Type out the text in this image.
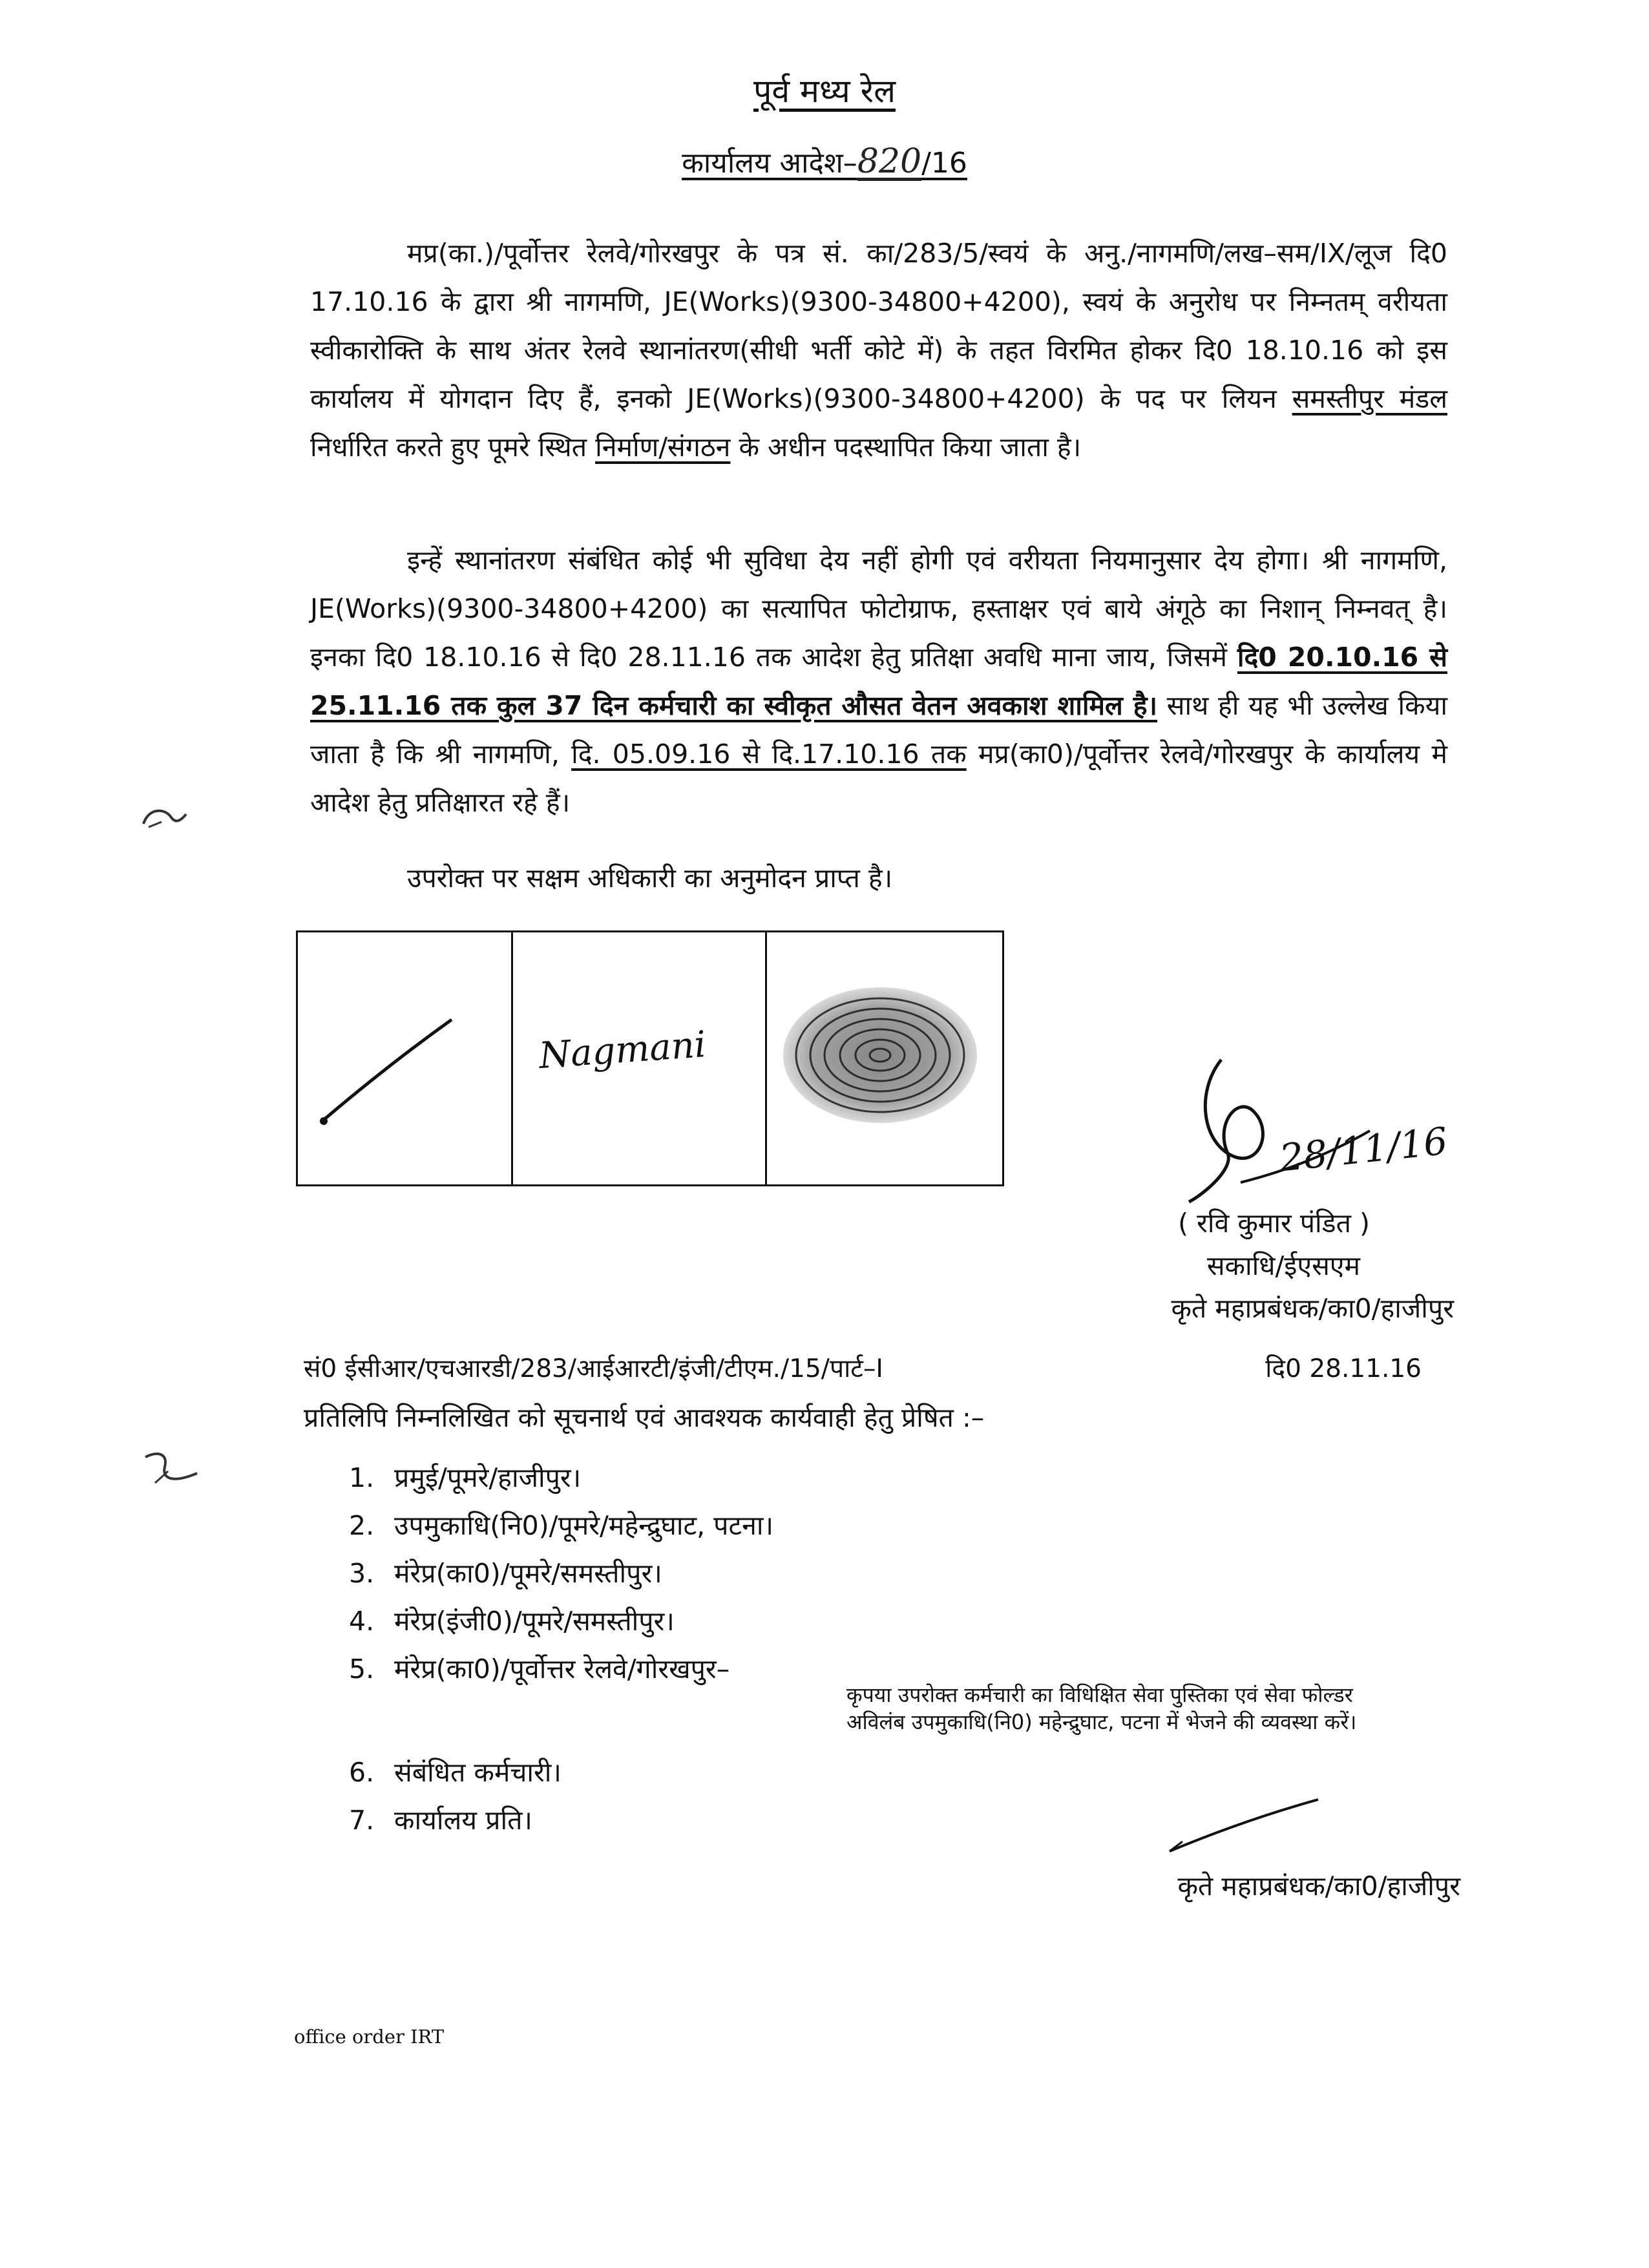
पूर्व मध्य रेल
कार्यालय आदेश–820/16
मप्र(का.)/पूर्वोत्तर रेलवे/गोरखपुर के पत्र सं. का/283/5/स्वयं के अनु./नागमणि/लख–सम/IX/लूज दि0 17.10.16 के द्वारा श्री नागमणि, JE(Works)(9300-34800+4200), स्वयं के अनुरोध पर निम्नतम् वरीयता स्वीकारोक्ति के साथ अंतर रेलवे स्थानांतरण(सीधी भर्ती कोटे में) के तहत विरमित होकर दि0 18.10.16 को इस कार्यालय में योगदान दिए हैं, इनको JE(Works)(9300-34800+4200) के पद पर लियन समस्तीपुर मंडल निर्धारित करते हुए पूमरे स्थित निर्माण/संगठन के अधीन पदस्थापित किया जाता है।
इन्हें स्थानांतरण संबंधित कोई भी सुविधा देय नहीं होगी एवं वरीयता नियमानुसार देय होगा। श्री नागमणि, JE(Works)(9300-34800+4200) का सत्यापित फोटोग्राफ, हस्ताक्षर एवं बाये अंगूठे का निशान् निम्नवत् है। इनका दि0 18.10.16 से दि0 28.11.16 तक आदेश हेतु प्रतिक्षा अवधि माना जाय, जिसमें दि0 20.10.16 से 25.11.16 तक कुल 37 दिन कर्मचारी का स्वीकृत औसत वेतन अवकाश शामिल है। साथ ही यह भी उल्लेख किया जाता है कि श्री नागमणि, दि. 05.09.16 से दि.17.10.16 तक मप्र(का0)/पूर्वोत्तर रेलवे/गोरखपुर के कार्यालय मे आदेश हेतु प्रतिक्षारत रहे हैं।
उपरोक्त पर सक्षम अधिकारी का अनुमोदन प्राप्त है।
Nagmani
28/11/16
( रवि कुमार पंडित )
सकाधि/ईएसएम
कृते महाप्रबंधक/का0/हाजीपुर
सं0 ईसीआर/एचआरडी/283/आईआरटी/इंजी/टीएम./15/पार्ट–I	दि0 28.11.16
प्रतिलिपि निम्नलिखित को सूचनार्थ एवं आवश्यक कार्यवाही हेतु प्रेषित :–
1. प्रमुई/पूमरे/हाजीपुर।
2. उपमुकाधि(नि0)/पूमरे/महेन्द्रुघाट, पटना।
3. मंरेप्र(का0)/पूमरे/समस्तीपुर।
4. मंरेप्र(इंजी0)/पूमरे/समस्तीपुर।
5. मंरेप्र(का0)/पूर्वोत्तर रेलवे/गोरखपुर–
कृपया उपरोक्त कर्मचारी का विधिक्षित सेवा पुस्तिका एवं सेवा फोल्डर अविलंब उपमुकाधि(नि0) महेन्द्रुघाट, पटना में भेजने की व्यवस्था करें।
6. संबंधित कर्मचारी।
7. कार्यालय प्रति।
कृते महाप्रबंधक/का0/हाजीपुर
office order IRT
